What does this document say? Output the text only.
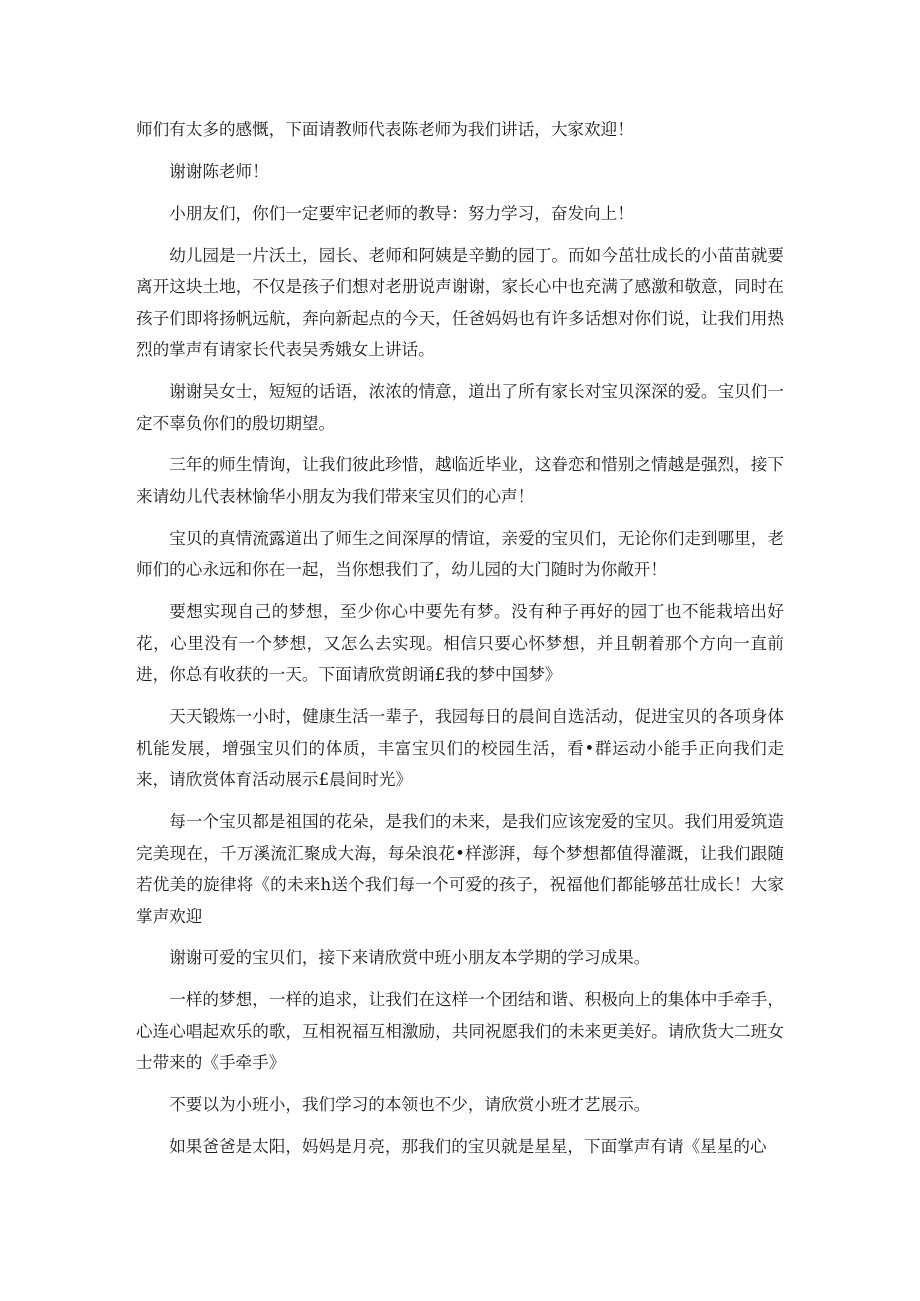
师们有太多的感慨，下面请教师代表陈老师为我们讲话，大家欢迎！

谢谢陈老师！

小朋友们，你们一定要牢记老师的教导：努力学习，奋发向上！

幼儿园是一片沃土，园长、老师和阿姨是辛勤的园丁。而如今茁壮成长的小苗苗就要离开这块土地，不仅是孩子们想对老册说声谢谢，家长心中也充满了感激和敬意，同时在孩子们即将扬帆远航，奔向新起点的今天，任爸妈妈也有许多话想对你们说，让我们用热烈的掌声有请家长代表吴秀娥女上讲话。

谢谢吴女士，短短的话语，浓浓的情意，道出了所有家长对宝贝深深的爱。宝贝们一定不辜负你们的殷切期望。

三年的师生情询，让我们彼此珍惜，越临近毕业，这眷恋和惜别之情越是强烈，接下来请幼儿代表林愉华小朋友为我们带来宝贝们的心声！

宝贝的真情流露道出了师生之间深厚的情谊，亲爱的宝贝们，无论你们走到哪里，老师们的心永远和你在一起，当你想我们了，幼儿园的大门随时为你敞开！

要想实现自己的梦想，至少你心中要先有梦。没有种子再好的园丁也不能栽培出好花，心里没有一个梦想，又怎么去实现。相信只要心怀梦想，并且朝着那个方向一直前进，你总有收获的一天。下面请欣赏朗诵£我的梦中国梦》

天天锻炼一小时，健康生活一辈子，我园每日的晨间自选活动，促进宝贝的各项身体机能发展，增强宝贝们的体质，丰富宝贝们的校园生活，看•群运动小能手正向我们走来，请欣赏体育活动展示£晨间时光》

每一个宝贝都是祖国的花朵，是我们的未来，是我们应该宠爱的宝贝。我们用爱筑造完美现在，千万溪流汇聚成大海，每朵浪花•样澎湃，每个梦想都值得灌溉，让我们跟随若优美的旋律将《的未来h送个我们每一个可爱的孩子，祝福他们都能够茁壮成长！大家掌声欢迎

谢谢可爱的宝贝们，接下来请欣赏中班小朋友本学期的学习成果。

一样的梦想，一样的追求，让我们在这样一个团结和谐、积极向上的集体中手牵手，心连心唱起欢乐的歌，互相祝福互相激励，共同祝愿我们的未来更美好。请欣货大二班女士带来的《手牵手》

不要以为小班小，我们学习的本领也不少，请欣赏小班才艺展示。

如果爸爸是太阳，妈妈是月亮，那我们的宝贝就是星星，下面掌声有请《星星的心
